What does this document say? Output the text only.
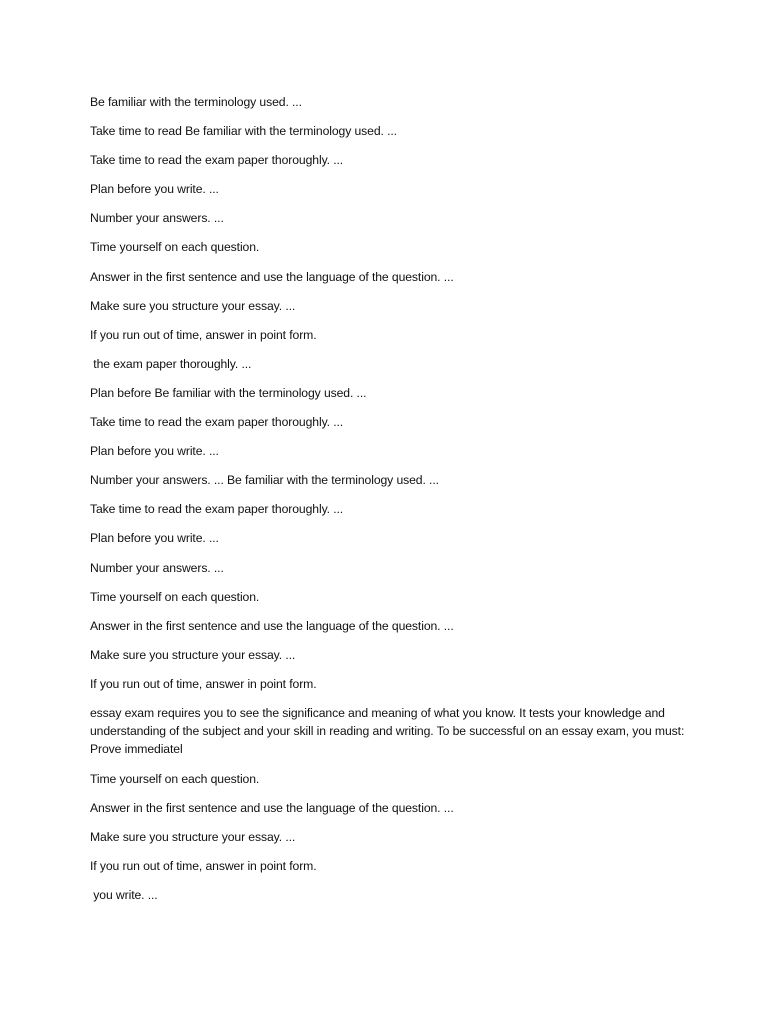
Be familiar with the terminology used. ...
Take time to read Be familiar with the terminology used. ...
Take time to read the exam paper thoroughly. ...
Plan before you write. ...
Number your answers. ...
Time yourself on each question.
Answer in the first sentence and use the language of the question. ...
Make sure you structure your essay. ...
If you run out of time, answer in point form.
the exam paper thoroughly. ...
Plan before Be familiar with the terminology used. ...
Take time to read the exam paper thoroughly. ...
Plan before you write. ...
Number your answers. ... Be familiar with the terminology used. ...
Take time to read the exam paper thoroughly. ...
Plan before you write. ...
Number your answers. ...
Time yourself on each question.
Answer in the first sentence and use the language of the question. ...
Make sure you structure your essay. ...
If you run out of time, answer in point form.
essay exam requires you to see the significance and meaning of what you know. It tests your knowledge and understanding of the subject and your skill in reading and writing. To be successful on an essay exam, you must: Prove immediatel
Time yourself on each question.
Answer in the first sentence and use the language of the question. ...
Make sure you structure your essay. ...
If you run out of time, answer in point form.
you write. ...
